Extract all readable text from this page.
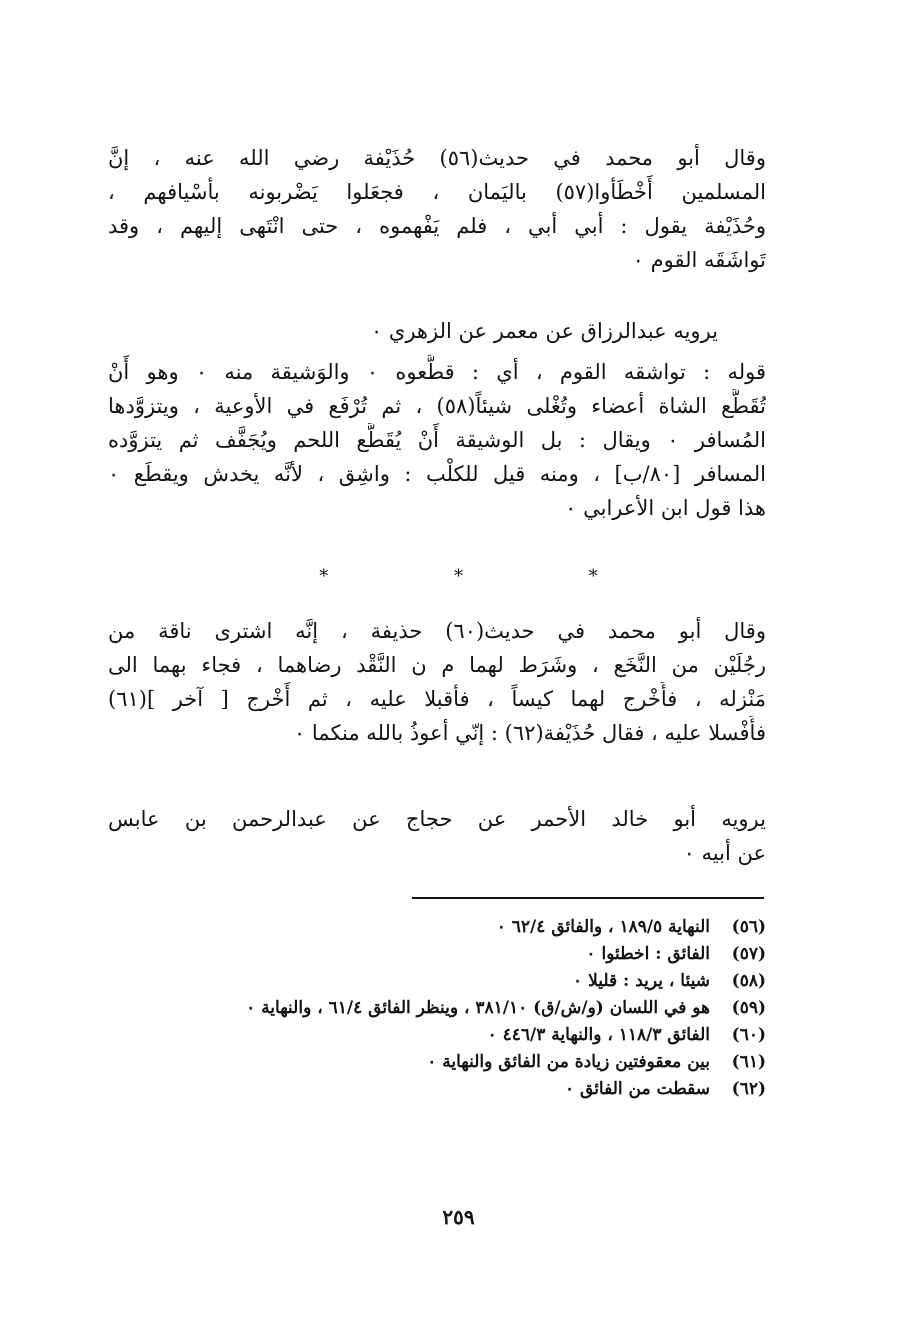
وقال أبو محمد في حديث(٥٦) حُذَيْفة رضي الله عنه ، إنَّ
المسلمين أَخْطَأوا(٥٧) باليَمان ، فجعَلوا يَضْربونه بأسْيافهم ،
وحُذَيْفة يقول : أبي أبي ، فلم يَفْهموه ، حتى انْتَهى إليهم ، وقد
تَواشَقَه القوم ٠
يرويه عبدالرزاق عن معمر عن الزهري ٠
قوله : تواشقه القوم ، أي : قطَّعوه ٠ والوَشيقة منه ٠ وهو أَنْ
تُقَطَّع الشاة أعضاء وتُغْلى شيئاً(٥٨) ، ثم تُرْفَع في الأوعية ، ويتزوَّدها
المُسافر ٠ ويقال : بل الوشيقة أَنْ يُقَطَّع اللحم ويُجَفَّف ثم يتزوَّده
المسافر [٨٠/ب] ، ومنه قيل للكلْب : واشِق ، لأنَّه يخدش ويقطَع ٠
هذا قول ابن الأعرابي ٠
* * *
وقال أبو محمد في حديث(٦٠) حذيفة ، إنَّه اشترى ناقة من
رجُلَيْن من النَّخَع ، وشَرَط لهما م ن النَّقْد رضاهما ، فجاء بهما الى
مَنْزله ، فأَخْرج لهما كيساً ، فأقبلا عليه ، ثم أَخْرج [ آخر ](٦١)
فأَفْسلا عليه ، فقال حُذَيْفة(٦٢) : إنّي أعوذُ بالله منكما ٠
يرويه أبو خالد الأحمر عن حجاج عن عبدالرحمن بن عابس
عن أبيه ٠
(٥٦)
النهاية ١٨٩/٥ ، والفائق ٦٢/٤ ٠
(٥٧)
الفائق : اخطئوا ٠
(٥٨)
شيئا ، يريد : قليلا ٠
(٥٩)
هو في اللسان (و/ش/ق) ٣٨١/١٠ ، وينظر الفائق ٦١/٤ ، والنهاية ٠
(٦٠)
الفائق ١١٨/٣ ، والنهاية ٤٤٦/٣ ٠
(٦١)
بين معقوفتين زيادة من الفائق والنهاية ٠
(٦٢)
سقطت من الفائق ٠
٢٥٩
